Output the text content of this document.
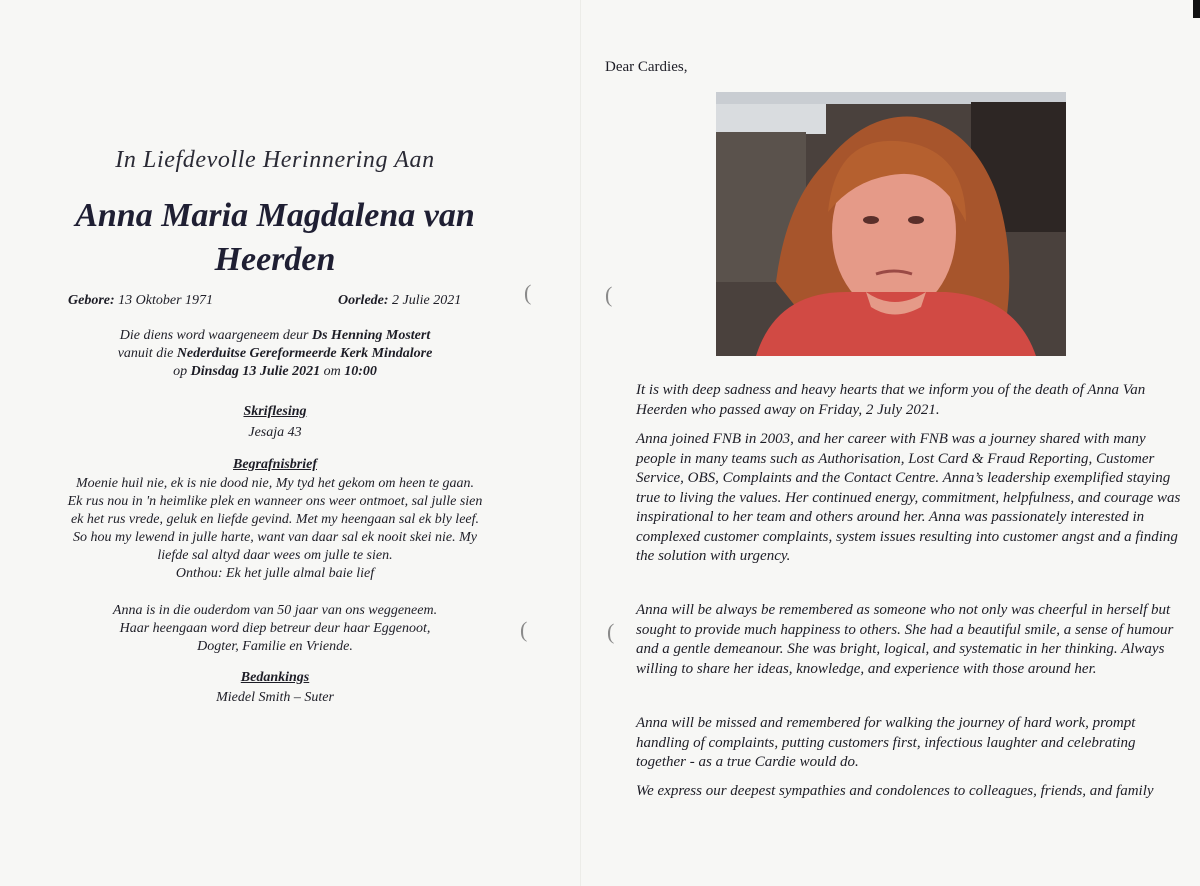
(	(
(	(
In Liefdevolle Herinnering Aan
Anna Maria Magdalena van
Heerden
Gebore: 13 Oktober 1971	Oorlede: 2 Julie 2021
Die diens word waargeneem deur Ds Henning Mostert
vanuit die Nederduitse Gereformeerde Kerk Mindalore
op Dinsdag 13 Julie 2021 om 10:00
Skriflesing
Jesaja 43
Begrafnisbrief
Moenie huil nie, ek is nie dood nie, My tyd het gekom om heen te gaan.
Ek rus nou in 'n heimlike plek en wanneer ons weer ontmoet, sal julle sien
ek het rus vrede, geluk en liefde gevind. Met my heengaan sal ek bly leef.
So hou my lewend in julle harte, want van daar sal ek nooit skei nie. My
liefde sal altyd daar wees om julle te sien.
Onthou: Ek het julle almal baie lief
Anna is in die ouderdom van 50 jaar van ons weggeneem.
Haar heengaan word diep betreur deur haar Eggenoot,
Dogter, Familie en Vriende.
Bedankings
Miedel Smith – Suter
Dear Cardies,

It is with deep sadness and heavy hearts that we inform you of the death of Anna Van Heerden who passed away on Friday, 2 July 2021.

Anna joined FNB in 2003, and her career with FNB was a journey shared with many people in many teams such as Authorisation, Lost Card & Fraud Reporting, Customer Service, OBS, Complaints and the Contact Centre. Anna’s leadership exemplified staying true to living the values. Her continued energy, commitment, helpfulness, and courage was inspirational to her team and others around her. Anna was passionately interested in complexed customer complaints, system issues resulting into customer angst and a finding the solution with urgency.

Anna will be always be remembered as someone who not only was cheerful in herself but sought to provide much happiness to others. She had a beautiful smile, a sense of humour and a gentle demeanour. She was bright, logical, and systematic in her thinking. Always willing to share her ideas, knowledge, and experience with those around her.

Anna will be missed and remembered for walking the journey of hard work, prompt handling of complaints, putting customers first, infectious laughter and celebrating together - as a true Cardie would do.

We express our deepest sympathies and condolences to colleagues, friends, and family
